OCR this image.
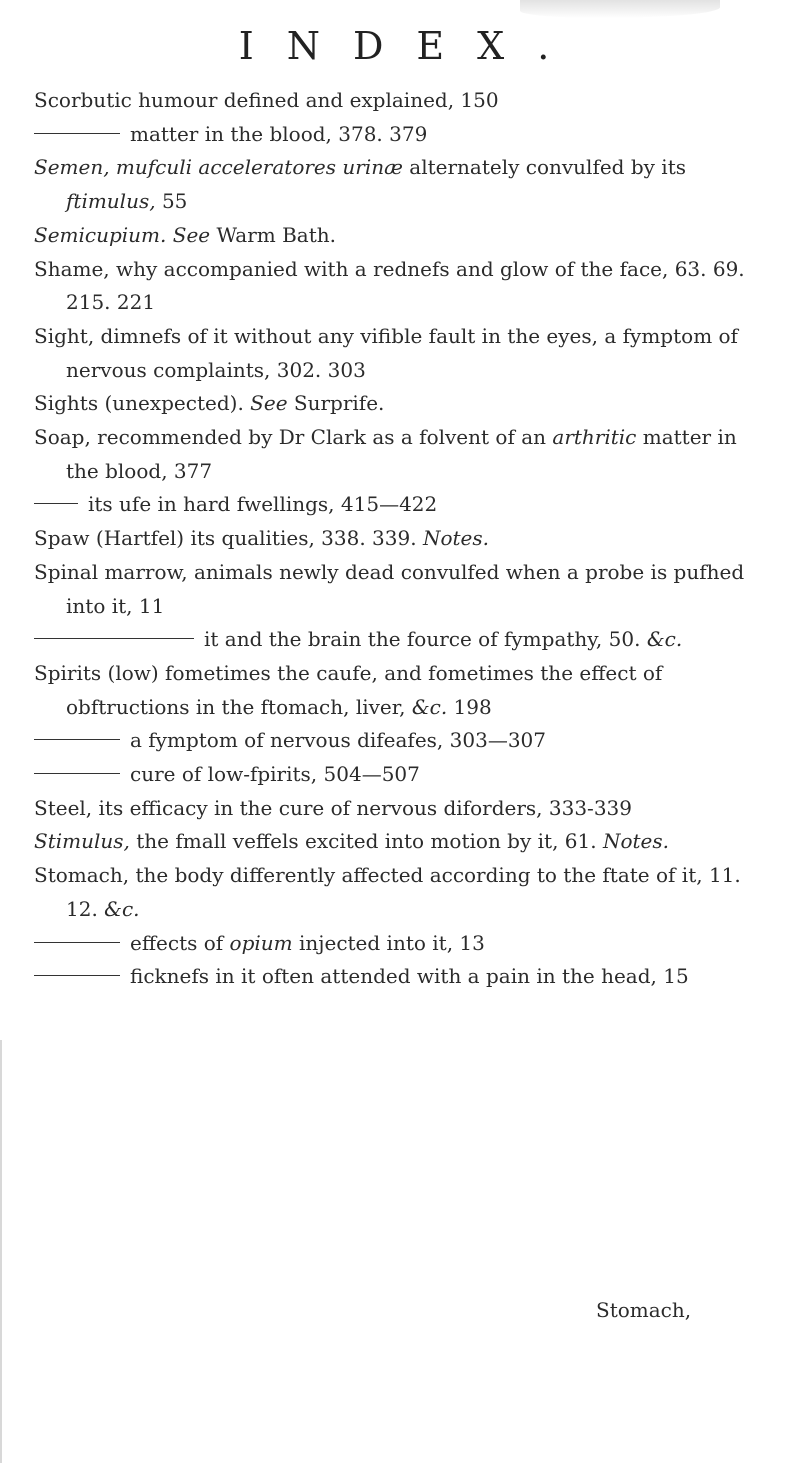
INDEX.

Scorbutic humour defined and explained, 150

matter in the blood, 378. 379

Semen, mufculi acceleratores urinæ alternately convulfed by its ftimulus, 55

Semicupium. See Warm Bath.

Shame, why accompanied with a rednefs and glow of the face, 63. 69. 215. 221

Sight, dimnefs of it without any vifible fault in the eyes, a fymptom of nervous complaints, 302. 303

Sights (unexpected). See Surprife.

Soap, recommended by Dr Clark as a folvent of an arthritic matter in the blood, 377

its ufe in hard fwellings, 415—422

Spaw (Hartfel) its qualities, 338. 339. Notes.

Spinal marrow, animals newly dead convulfed when a probe is pufhed into it, 11

it and the brain the fource of fympathy, 50. &c.

Spirits (low) fometimes the caufe, and fometimes the effect of obftructions in the ftomach, liver, &c. 198

a fymptom of nervous difeafes, 303—307

cure of low-fpirits, 504—507

Steel, its efficacy in the cure of nervous diforders, 333-339

Stimulus, the fmall veffels excited into motion by it, 61. Notes.

Stomach, the body differently affected according to the ftate of it, 11. 12. &c.

effects of opium injected into it, 13

ficknefs in it often attended with a pain in the head, 15

Stomach,
